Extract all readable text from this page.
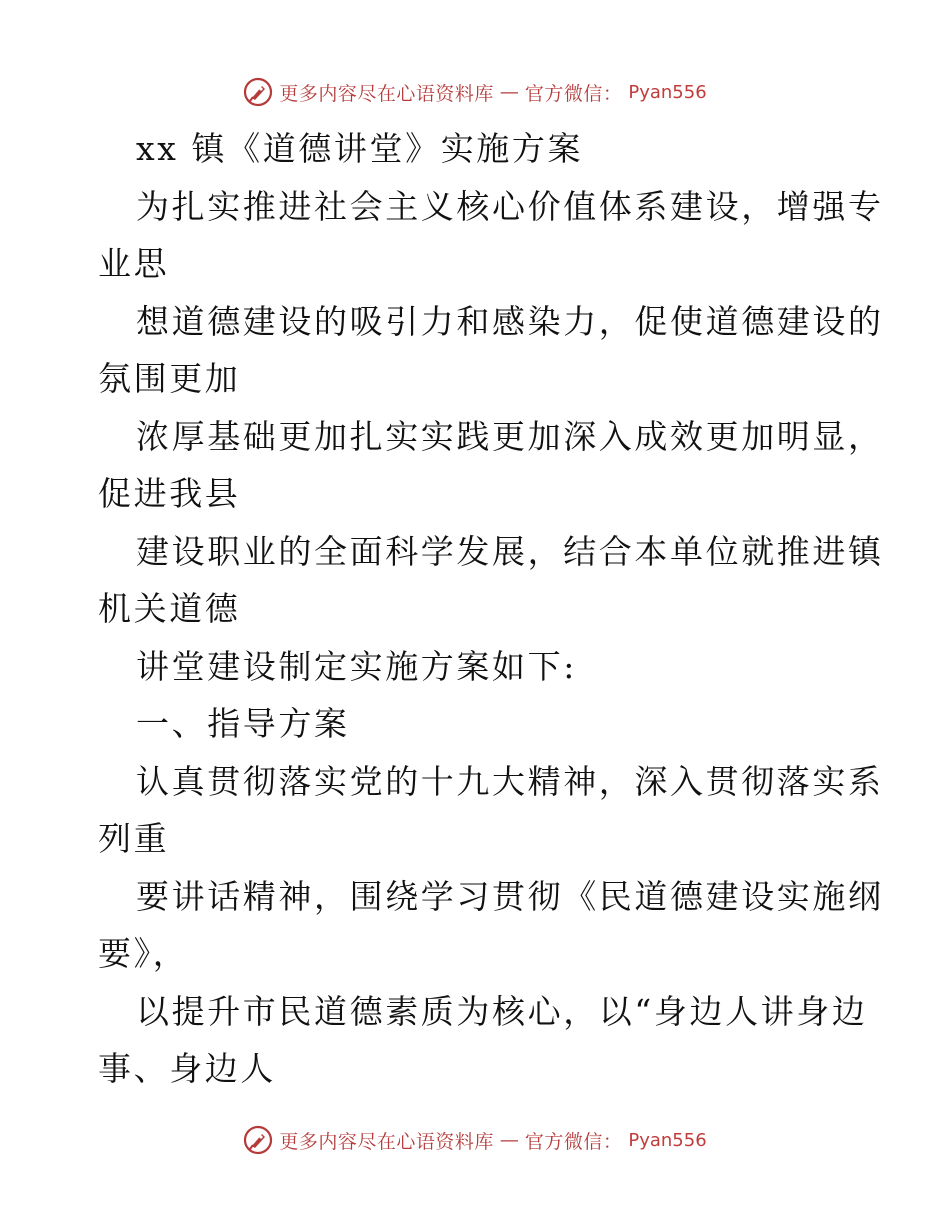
更多内容尽在心语资料库 — 官方微信： Pyan556
xx 镇《道德讲堂》实施方案
为扎实推进社会主义核心价值体系建设，增强专
业思
想道德建设的吸引力和感染力，促使道德建设的
氛围更加
浓厚基础更加扎实实践更加深入成效更加明显，
促进我县
建设职业的全面科学发展，结合本单位就推进镇
机关道德
讲堂建设制定实施方案如下:
一、指导方案
认真贯彻落实党的十九大精神，深入贯彻落实系
列重
要讲话精神，围绕学习贯彻《民道德建设实施纲
要》，
以提升市民道德素质为核心，以“身边人讲身边
事、身边人
更多内容尽在心语资料库 — 官方微信： Pyan556
